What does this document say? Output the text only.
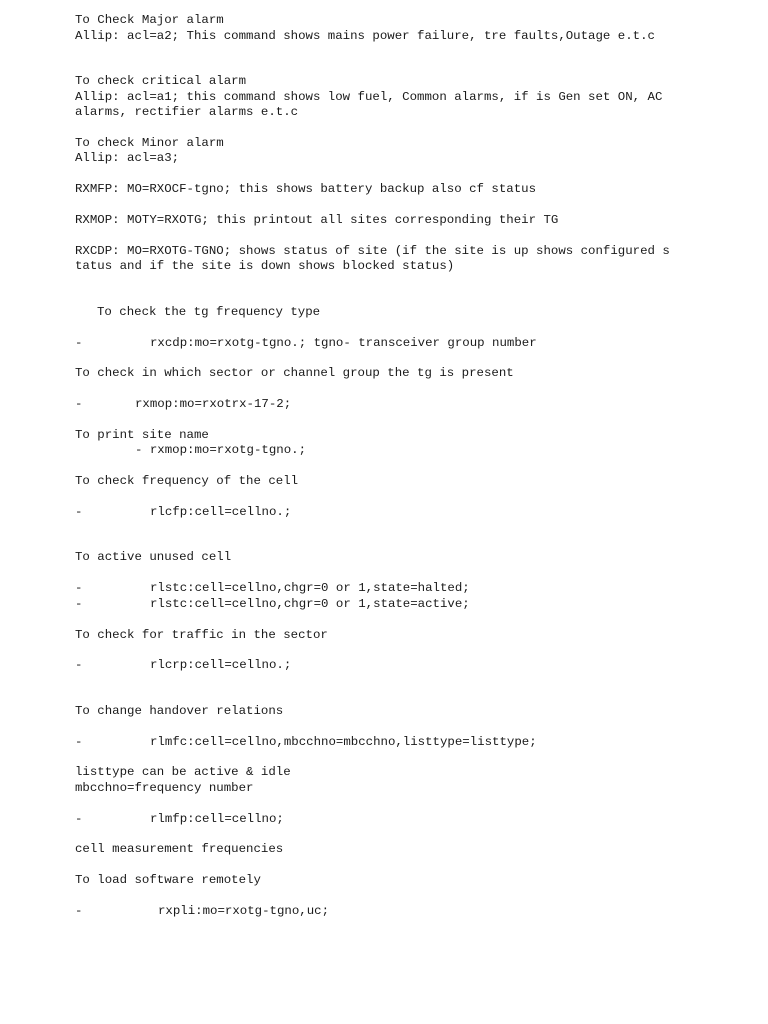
To Check Major alarm

Allip: acl=a2; This command shows mains power failure, tre faults,Outage e.t.c

To check critical alarm

Allip: acl=a1; this command shows low fuel, Common alarms, if is Gen set ON, AC

alarms, rectifier alarms e.t.c

To check Minor alarm

Allip: acl=a3;

RXMFP: MO=RXOCF-tgno; this shows battery backup also cf status

RXMOP: MOTY=RXOTG; this printout all sites corresponding their TG

RXCDP: MO=RXOTG-TGNO; shows status of site (if the site is up shows configured s

tatus and if the site is down shows blocked status)

To check the tg frequency type

-	rxcdp:mo=rxotg-tgno.; tgno- transceiver group number

To check in which sector or channel group the tg is present

-	rxmop:mo=rxotrx-17-2;

To print site name

- rxmop:mo=rxotg-tgno.;

To check frequency of the cell

-	rlcfp:cell=cellno.;

To active unused cell

-	rlstc:cell=cellno,chgr=0 or 1,state=halted;

-	rlstc:cell=cellno,chgr=0 or 1,state=active;

To check for traffic in the sector

-	rlcrp:cell=cellno.;

To change handover relations

-	rlmfc:cell=cellno,mbcchno=mbcchno,listtype=listtype;

listtype can be active & idle

mbcchno=frequency number

-	rlmfp:cell=cellno;

cell measurement frequencies

To load software remotely

-	rxpli:mo=rxotg-tgno,uc;
